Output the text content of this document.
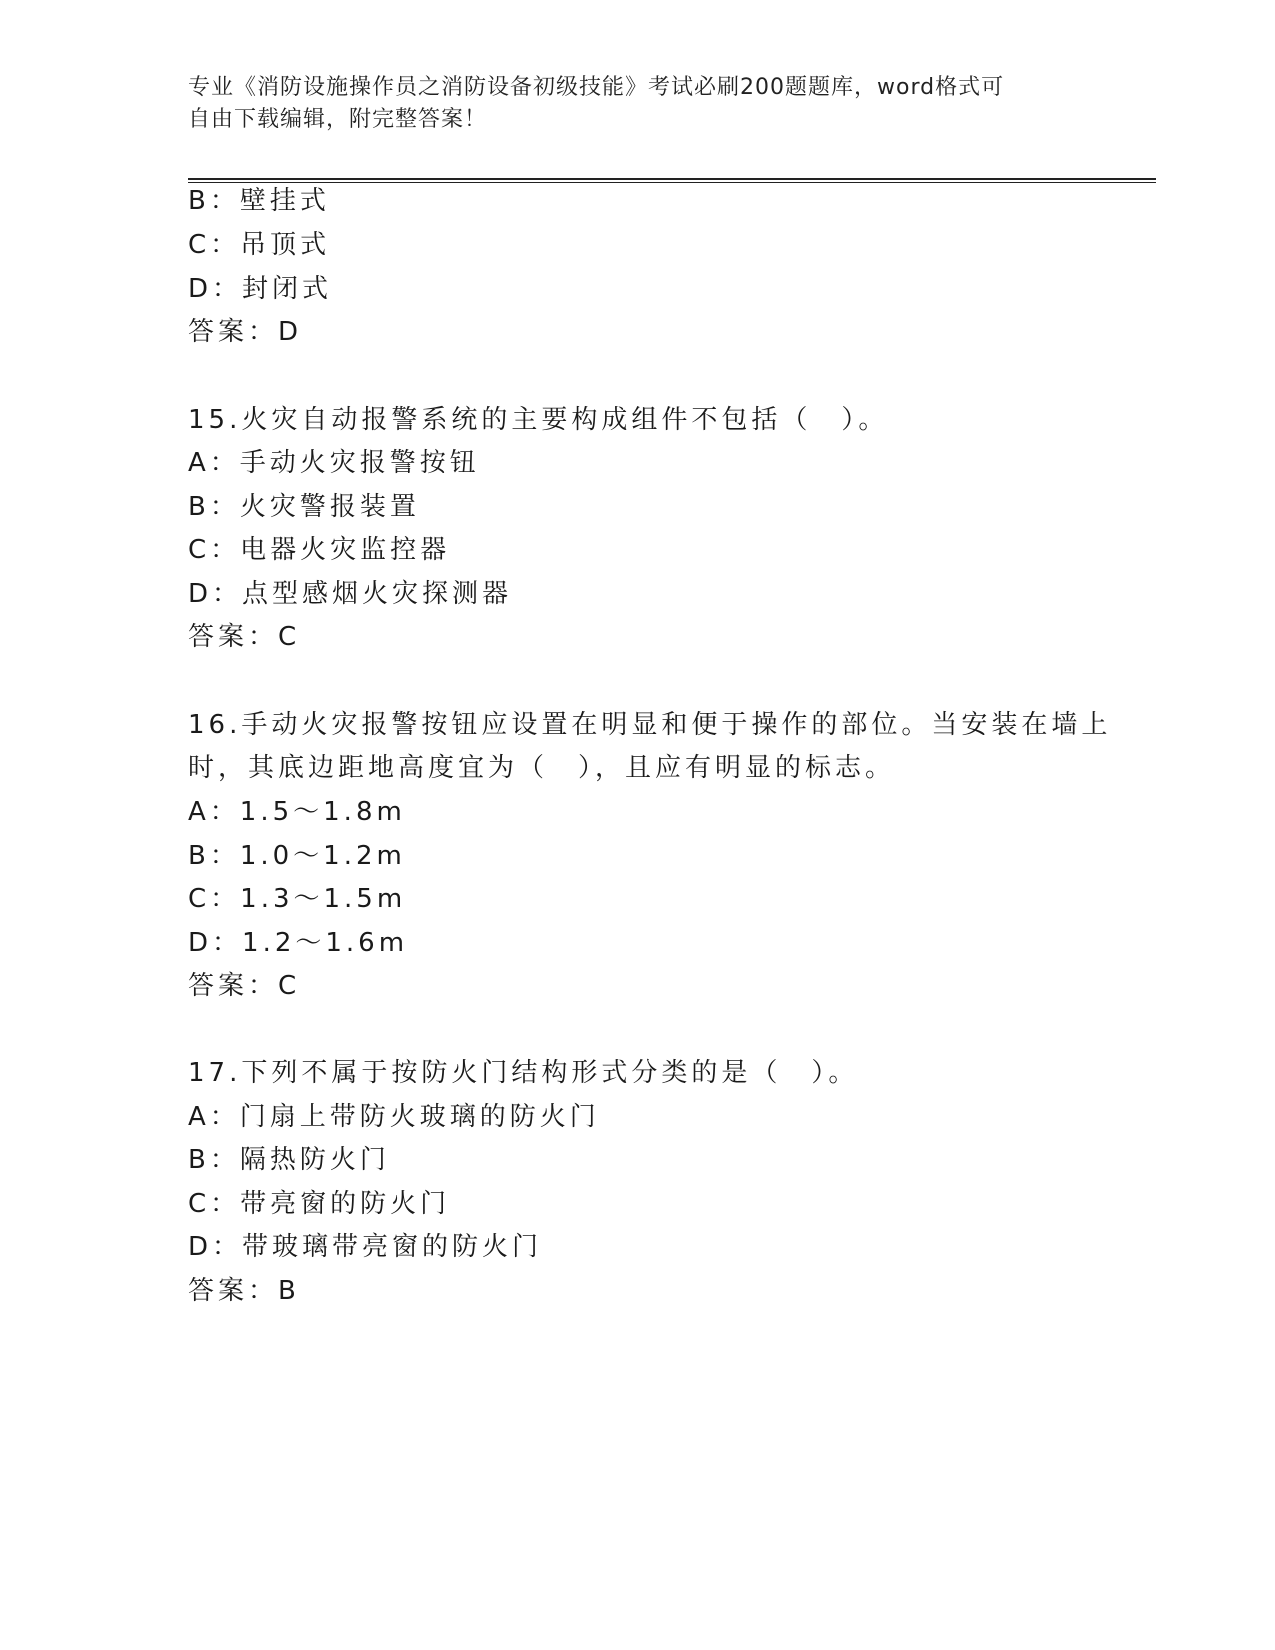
专业《消防设施操作员之消防设备初级技能》考试必刷200题题库，word格式可
自由下载编辑，附完整答案！
B：壁挂式
C：吊顶式
D：封闭式
答案：D
15.火灾自动报警系统的主要构成组件不包括（　）。
A：手动火灾报警按钮
B：火灾警报装置
C：电器火灾监控器
D：点型感烟火灾探测器
答案：C
16.手动火灾报警按钮应设置在明显和便于操作的部位。当安装在墙上
时，其底边距地高度宜为（　），且应有明显的标志。
A：1.5～1.8m
B：1.0～1.2m
C：1.3～1.5m
D：1.2～1.6m
答案：C
17.下列不属于按防火门结构形式分类的是（　）。
A：门扇上带防火玻璃的防火门
B：隔热防火门
C：带亮窗的防火门
D：带玻璃带亮窗的防火门
答案：B
